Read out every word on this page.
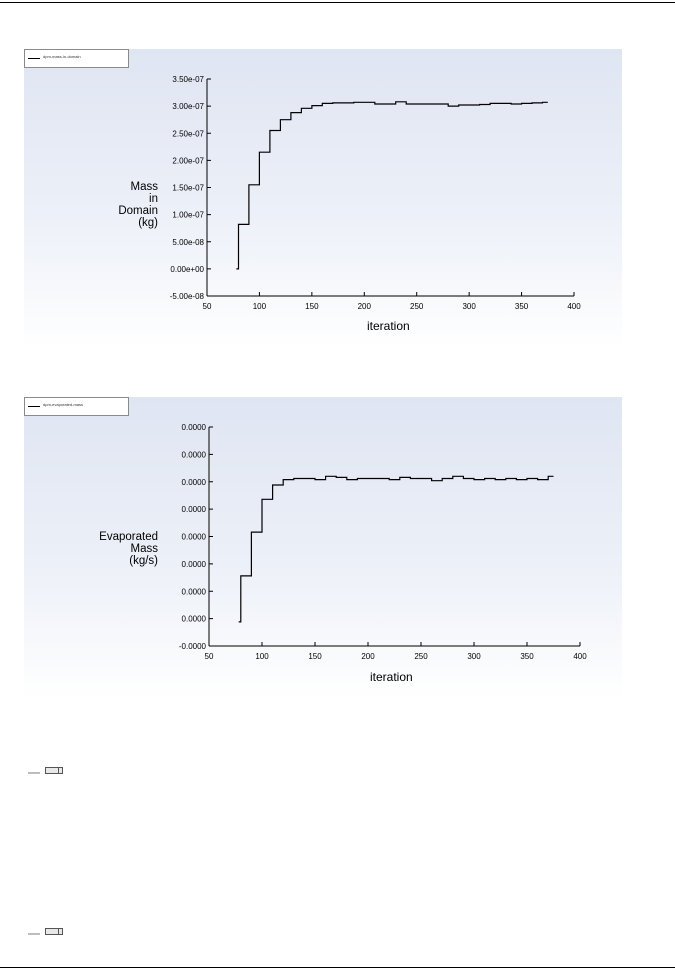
dpm-mass-in-domain
-5.00e-08
0.00e+00
5.00e-08
1.00e-07
1.50e-07
2.00e-07
2.50e-07
3.00e-07
3.50e-07
50	100	150	200	250	300	350	400
Mass
in
Domain
(kg)
iteration
dpm-evaporated-mass
-0.0000
0.0000
0.0000
0.0000
0.0000
0.0000
0.0000
0.0000
0.0000
50	100	150	200	250	300	350	400
Evaporated
Mass
(kg/s)
iteration
xxxxxx
xxxxxx
